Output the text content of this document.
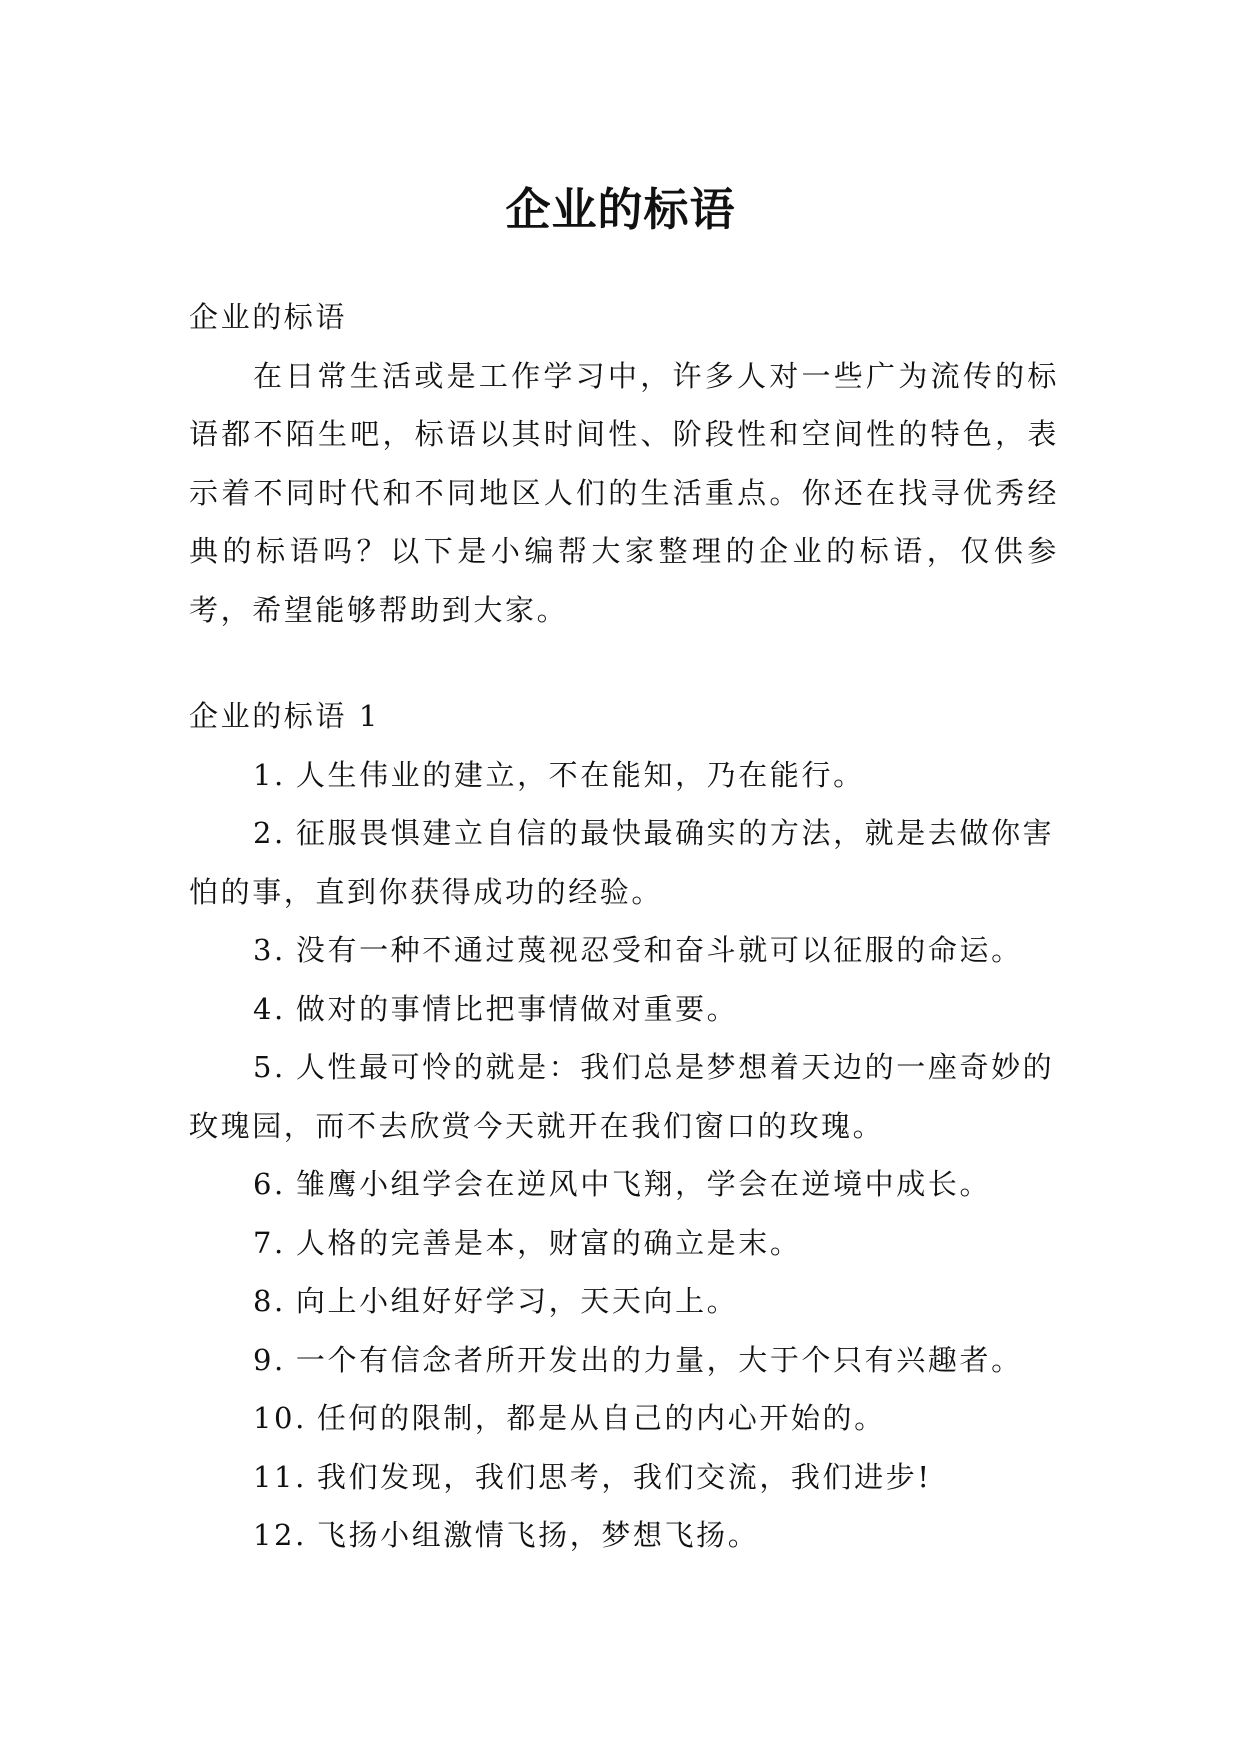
企业的标语

企业的标语

在日常生活或是工作学习中，许多人对一些广为流传的标语都不陌生吧，标语以其时间性、阶段性和空间性的特色，表示着不同时代和不同地区人们的生活重点。你还在找寻优秀经典的标语吗？以下是小编帮大家整理的企业的标语，仅供参考，希望能够帮助到大家。

企业的标语 1

1. 人生伟业的建立，不在能知，乃在能行。
2. 征服畏惧建立自信的最快最确实的方法，就是去做你害怕的事，直到你获得成功的经验。
3. 没有一种不通过蔑视忍受和奋斗就可以征服的命运。
4. 做对的事情比把事情做对重要。
5. 人性最可怜的就是：我们总是梦想着天边的一座奇妙的玫瑰园，而不去欣赏今天就开在我们窗口的玫瑰。
6. 雏鹰小组学会在逆风中飞翔，学会在逆境中成长。
7. 人格的完善是本，财富的确立是末。
8. 向上小组好好学习，天天向上。
9. 一个有信念者所开发出的力量，大于个只有兴趣者。
10. 任何的限制，都是从自己的内心开始的。
11. 我们发现，我们思考，我们交流，我们进步!
12. 飞扬小组激情飞扬，梦想飞扬。
